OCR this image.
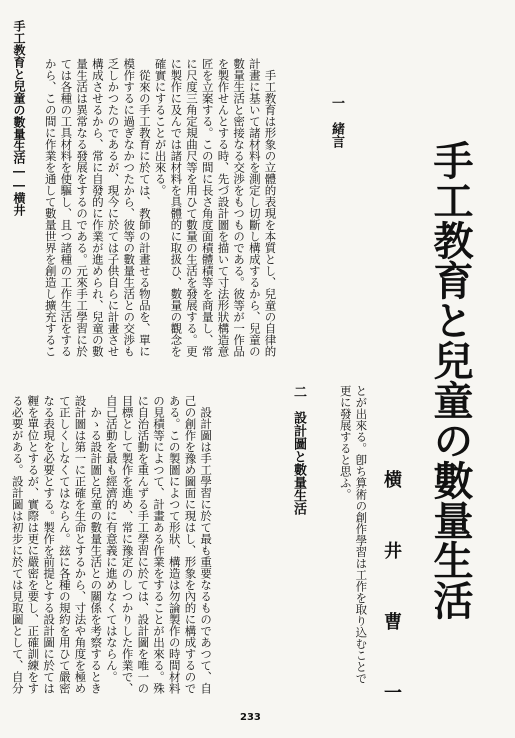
手工教育と兒童の數量生活――横井
手工教育と兒童の數量生活
横 井 曹 一
一　緒言
とが出來る。卽ち算術の創作學習は工作を取り込むことで
更に發展すると思ふ。
二　設計圖と數量生活
　手工教育は形象の立體的表現を本質とし、兒童の自律的
計畫に基いて諸材料を測定し切斷し構成するから、兒童の
數量生活と密接なる交渉をもつものである。彼等が一作品
を製作せんとする時、先づ設計圖を描いて寸法形狀構造意
匠を立案する。この間に長さ角度面積體積等を商量し、常
に尺度三角定規曲尺等を用ひて數量の生活を發展する。更
に製作に及んでは諸材料を具體的に取扱ひ、數量の觀念を
確實にすることが出來る。
　從來の手工教育に於ては、教師の計畫せる物品を、單に
模作するに過ぎなかつたから、彼等の數量生活との交渉も
乏しかつたのであるが、現今に於ては子供自らに計畫させ
構成させるから、常に自發的に作業が進められ、兒童の數
量生活は異常なる發展をするのである。元來手工學習に於
ては各種の工具材料を使驅し、且つ諸種の工作生活をする
から、この間に作業を通して數量世界を創造し擴充するこ
　設計圖は手工學習に於て最も重要なるものであつて、自
己の創作を豫め圖面に現はし、形象を內的に構成するので
ある。この製圖によつて形狀、構造は勿論製作の時間材料
の見積等によつて、計畫ある作業をすることが出來る。殊
に自治活動を重んずる手工學習に於ては、設計圖を唯一の
目標として製作を進め、常に豫定のしつかりした作業で、
自己活動を最も經濟的に有意義に進めなくてはならん。
　かゝる設計圖と兒童の數量生活との關係を考察するとき
設計圖は第一に正確を生命とするから、寸法や角度を極め
て正しくしなくてはならん。玆に各種の規約を用ひて嚴密
なる表現を必要とする。製作を前提とする設計圖に於ては
糎を單位とするが、實際は更に嚴密を要し、正確訓練をす
る必要がある。設計圖は初步に於ては見取圖として、自分
233
